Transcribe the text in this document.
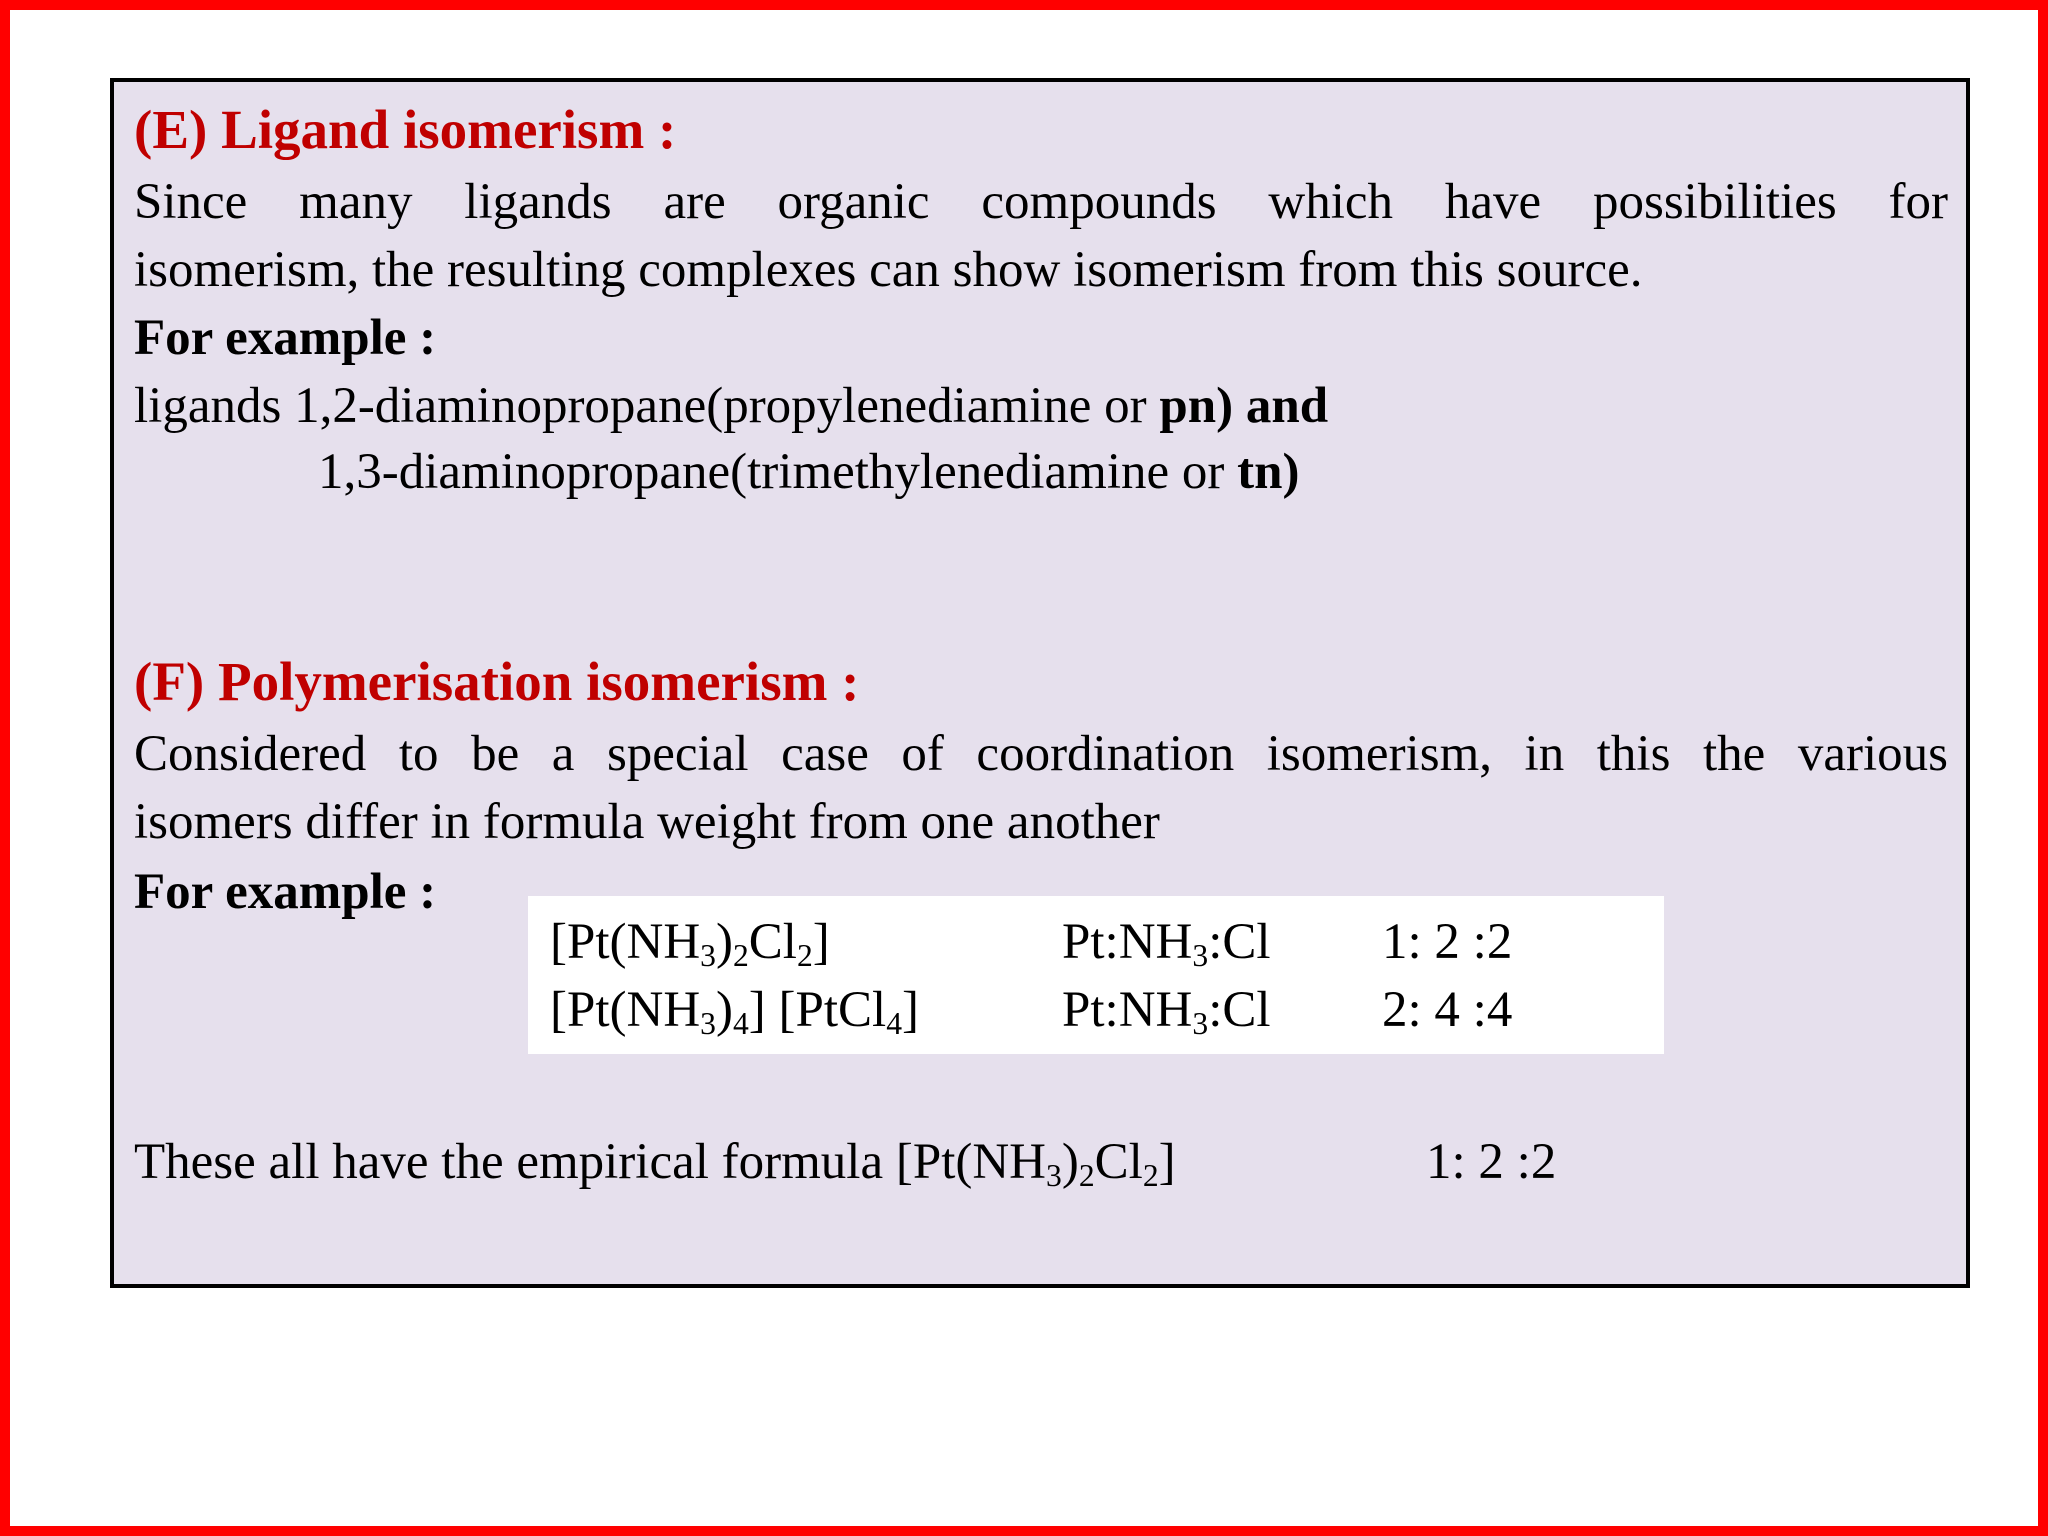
(E) Ligand isomerism :
Since many ligands are organic compounds which have possibilities for
isomerism, the resulting complexes can show isomerism from this source.
For example :
ligands 1,2-diaminopropane(propylenediamine or pn) and
1,3-diaminopropane(trimethylenediamine or tn)
(F) Polymerisation isomerism :
Considered to be a special case of coordination isomerism, in this the various
isomers differ in formula weight from one another
For example :
$[Pt(NH_3)_2Cl_2]$	$Pt:NH_3:Cl$ 1: 2 :2
$[Pt(NH_3)_4]$ [PtCl$_4$]	$Pt:NH_3:Cl$ 2: 4 :4
These all have the empirical formula $[Pt(NH_3)_2Cl_2]$	1: 2 :2
